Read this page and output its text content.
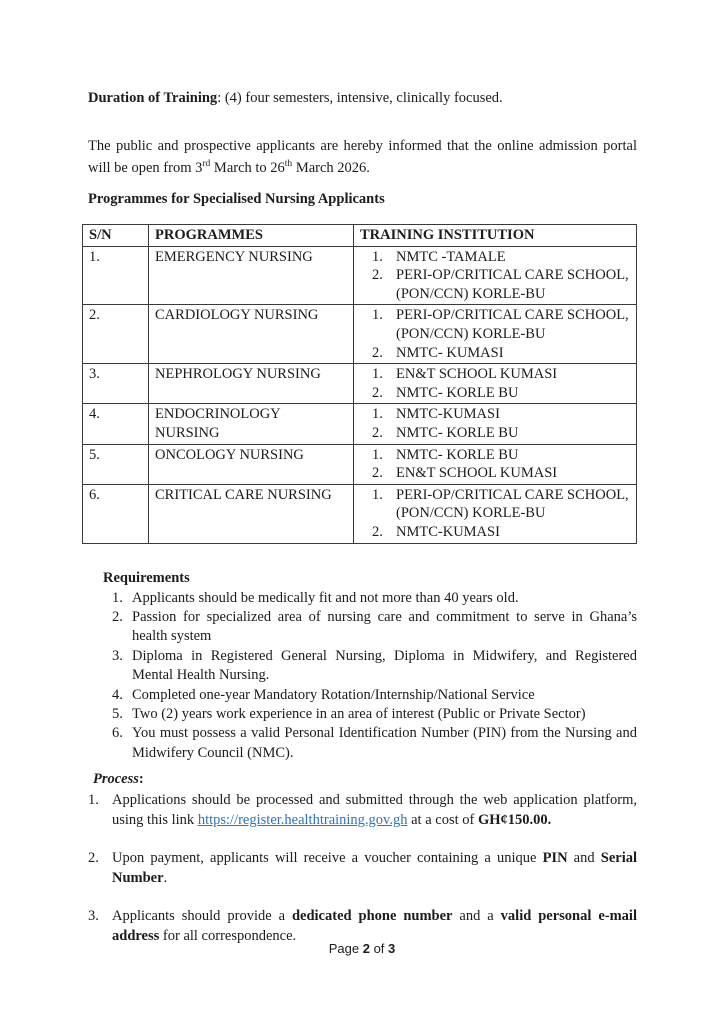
Duration of Training: (4) four semesters, intensive, clinically focused.

The public and prospective applicants are hereby informed that the online admission portal will be open from 3rd March to 26th March 2026.

Programmes for Specialised Nursing Applicants

S/N	PROGRAMMES	TRAINING INSTITUTION
1.	EMERGENCY NURSING	1. NMTC -TAMALE
2. PERI-OP/CRITICAL CARE SCHOOL, (PON/CCN) KORLE-BU

2.	CARDIOLOGY NURSING	1. PERI-OP/CRITICAL CARE SCHOOL, (PON/CCN) KORLE-BU
2. NMTC- KUMASI

3.	NEPHROLOGY NURSING	1. EN&T SCHOOL KUMASI
2. NMTC- KORLE BU

4.	ENDOCRINOLOGY NURSING	1. NMTC-KUMASI
2. NMTC- KORLE BU

5.	ONCOLOGY NURSING	1. NMTC- KORLE BU
2. EN&T SCHOOL KUMASI

6.	CRITICAL CARE NURSING	1. PERI-OP/CRITICAL CARE SCHOOL, (PON/CCN) KORLE-BU
2. NMTC-KUMASI

Requirements

1. Applicants should be medically fit and not more than 40 years old.
2. Passion for specialized area of nursing care and commitment to serve in Ghana’s health system
3. Diploma in Registered General Nursing, Diploma in Midwifery, and Registered Mental Health Nursing.
4. Completed one-year Mandatory Rotation/Internship/National Service
5. Two (2) years work experience in an area of interest (Public or Private Sector)
6. You must possess a valid Personal Identification Number (PIN) from the Nursing and Midwifery Council (NMC).

Process:

1. Applications should be processed and submitted through the web application platform, using this link https://register.healthtraining.gov.gh at a cost of GH¢150.00.
2. Upon payment, applicants will receive a voucher containing a unique PIN and Serial Number.
3. Applicants should provide a dedicated phone number and a valid personal e-mail address for all correspondence.
Page 2 of 3
